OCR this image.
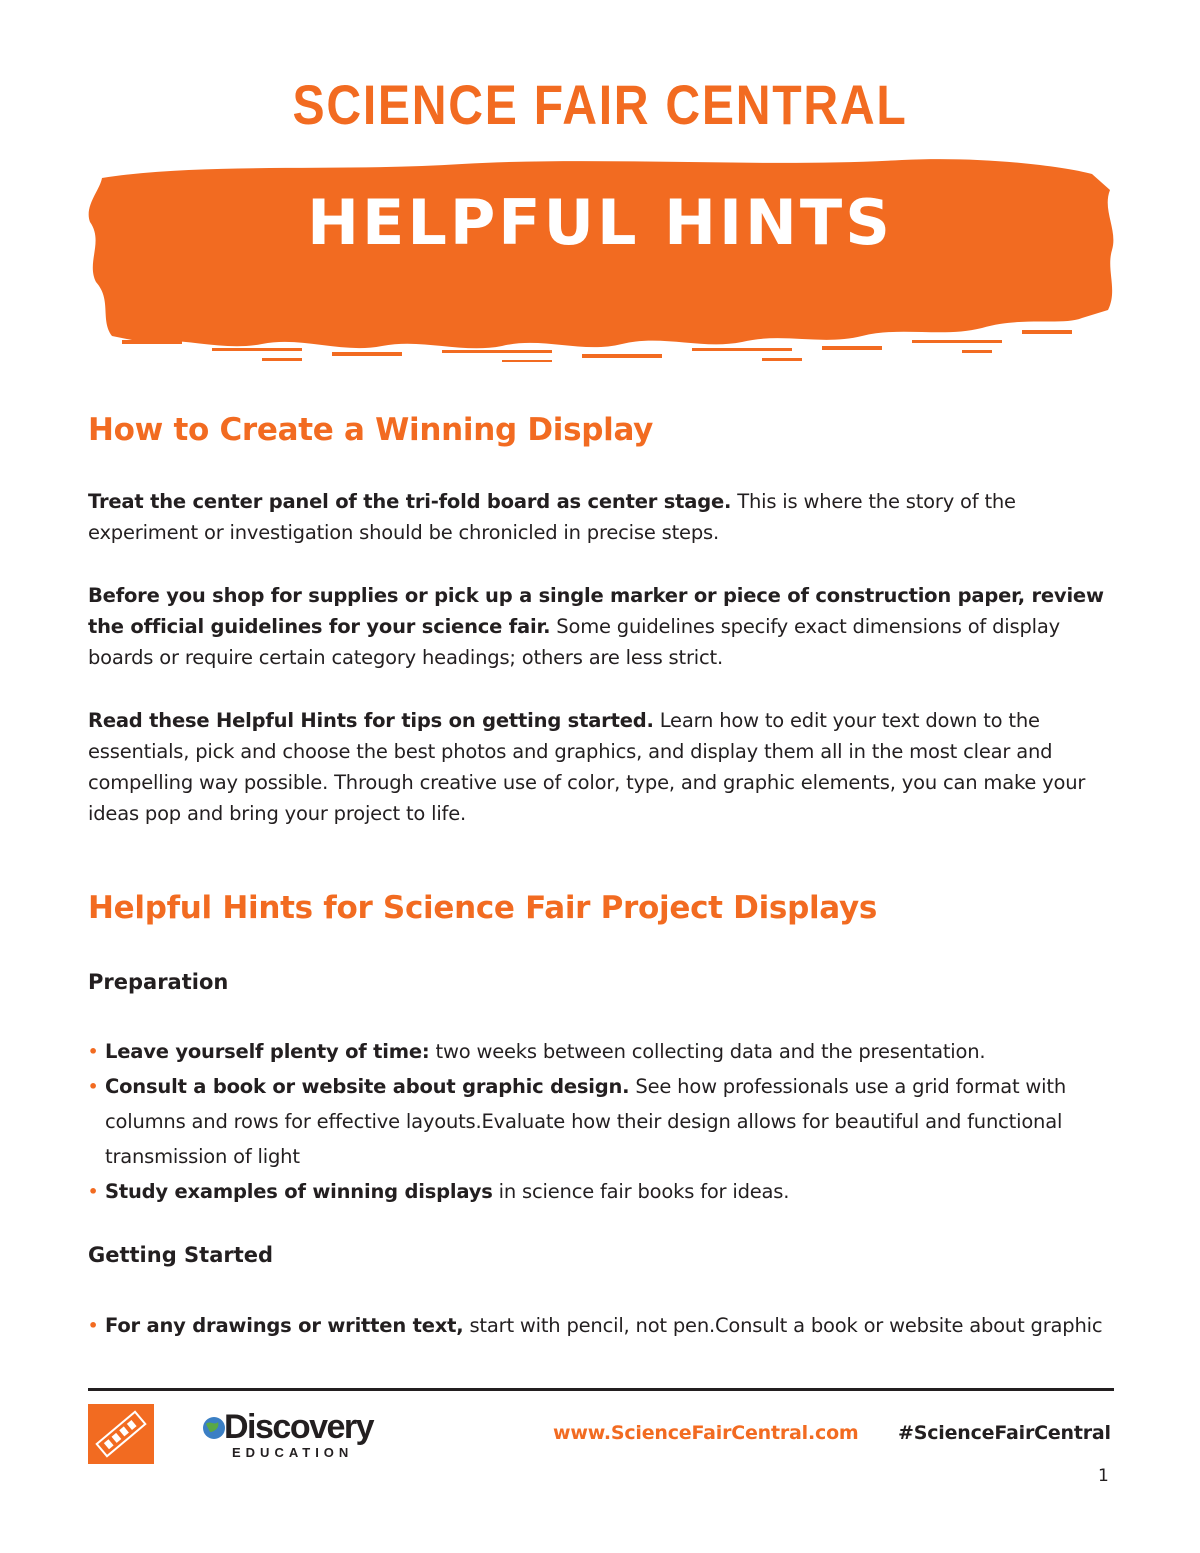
SCIENCE FAIR CENTRAL
HELPFUL HINTS
How to Create a Winning Display

Treat the center panel of the tri-fold board as center stage. This is where the story of the experiment or investigation should be chronicled in precise steps.

Before you shop for supplies or pick up a single marker or piece of construction paper, review the official guidelines for your science fair. Some guidelines specify exact dimensions of display boards or require certain category headings; others are less strict.

Read these Helpful Hints for tips on getting started. Learn how to edit your text down to the essentials, pick and choose the best photos and graphics, and display them all in the most clear and compelling way possible. Through creative use of color, type, and graphic elements, you can make your ideas pop and bring your project to life.

Helpful Hints for Science Fair Project Displays
Preparation
• Leave yourself plenty of time: two weeks between collecting data and the presentation.
• Consult a book or website about graphic design. See how professionals use a grid format with columns and rows for effective layouts.Evaluate how their design allows for beautiful and functional transmission of light
• Study examples of winning displays in science fair books for ideas.
Getting Started
• For any drawings or written text, start with pencil, not pen.Consult a book or website about graphic
Discovery
EDUCATION
www.ScienceFairCentral.com #ScienceFairCentral
1
